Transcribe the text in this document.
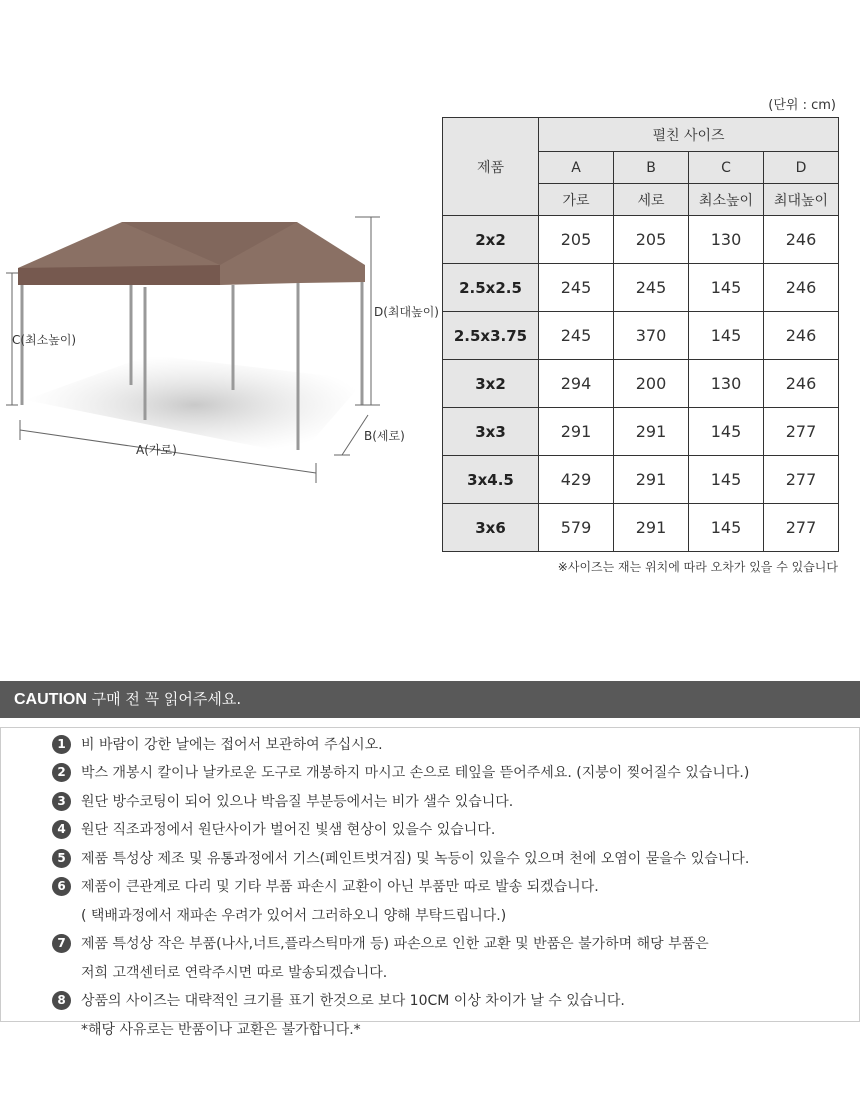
(단위 : cm)
C(최소높이)
D(최대높이)
A(가로)
B(세로)
제품	펼친 사이즈			
	A	B	C	D
	가로	세로	최소높이	최대높이
2x2	205	205	130	246
2.5x2.5	245	245	145	246
2.5x3.75	245	370	145	246
3x2	294	200	130	246
3x3	291	291	145	277
3x4.5	429	291	145	277
3x6	579	291	145	277
※사이즈는 재는 위치에 따라 오차가 있을 수 있습니다
CAUTION 구매 전 꼭 읽어주세요.
1	비 바람이 강한 날에는 접어서 보관하여 주십시오.
2	박스 개봉시 칼이나 날카로운 도구로 개봉하지 마시고 손으로 테잎을 뜯어주세요. (지붕이 찢어질수 있습니다.)
3	원단 방수코팅이 되어 있으나 박음질 부분등에서는 비가 샐수 있습니다.
4	원단 직조과정에서 원단사이가 벌어진 빛샘 현상이 있을수 있습니다.
5	제품 특성상 제조 및 유통과정에서 기스(페인트벗겨짐) 및 녹등이 있을수 있으며 천에 오염이 묻을수 있습니다.
6	제품이 큰관계로 다리 및 기타 부품 파손시 교환이 아닌 부품만 따로 발송 되겠습니다.
( 택배과정에서 재파손 우려가 있어서 그러하오니 양해 부탁드립니다.)
7	제품 특성상 작은 부품(나사,너트,플라스틱마개 등) 파손으로 인한 교환 및 반품은 불가하며 해당 부품은
저희 고객센터로 연락주시면 따로 발송되겠습니다.
8	상품의 사이즈는 대략적인 크기를 표기 한것으로 보다 10CM 이상 차이가 날 수 있습니다.
*해당 사유로는 반품이나 교환은 불가합니다.*
